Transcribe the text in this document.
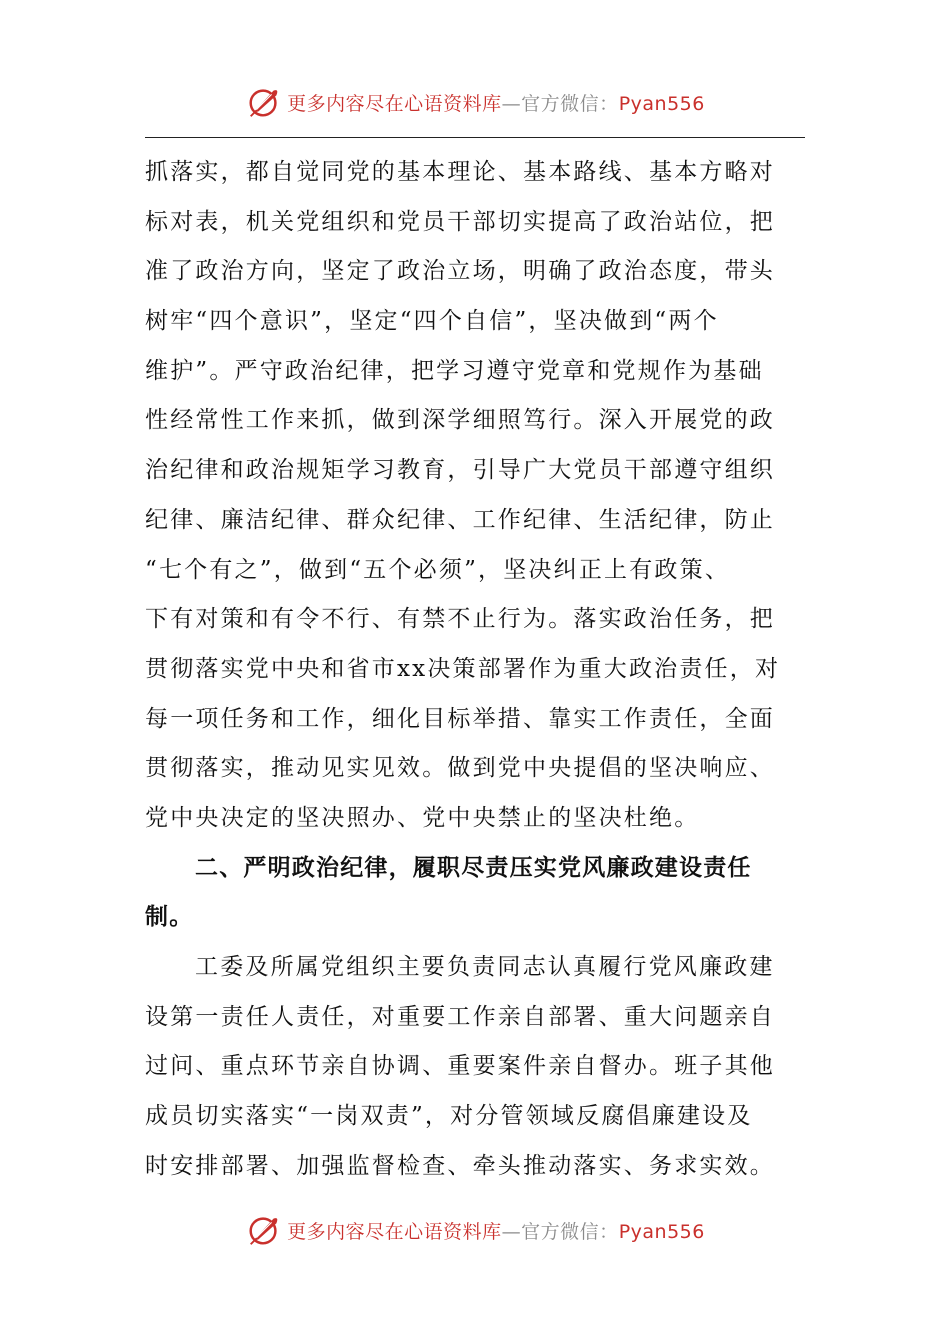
更多内容尽在心语资料库 —官方微信： Pyan556
抓落实，都自觉同党的基本理论、基本路线、基本方略对
标对表，机关党组织和党员干部切实提高了政治站位，把
准了政治方向，坚定了政治立场，明确了政治态度，带头
树牢“四个意识”，坚定“四个自信”，坚决做到“两个
维护”。严守政治纪律，把学习遵守党章和党规作为基础
性经常性工作来抓，做到深学细照笃行。深入开展党的政
治纪律和政治规矩学习教育，引导广大党员干部遵守组织
纪律、廉洁纪律、群众纪律、工作纪律、生活纪律，防止
“七个有之”，做到“五个必须”，坚决纠正上有政策、
下有对策和有令不行、有禁不止行为。落实政治任务，把
贯彻落实党中央和省市xx决策部署作为重大政治责任，对
每一项任务和工作，细化目标举措、靠实工作责任，全面
贯彻落实，推动见实见效。做到党中央提倡的坚决响应、
党中央决定的坚决照办、党中央禁止的坚决杜绝。
二、严明政治纪律，履职尽责压实党风廉政建设责任
制。
工委及所属党组织主要负责同志认真履行党风廉政建
设第一责任人责任，对重要工作亲自部署、重大问题亲自
过问、重点环节亲自协调、重要案件亲自督办。班子其他
成员切实落实“一岗双责”，对分管领域反腐倡廉建设及
时安排部署、加强监督检查、牵头推动落实、务求实效。
更多内容尽在心语资料库 —官方微信： Pyan556
